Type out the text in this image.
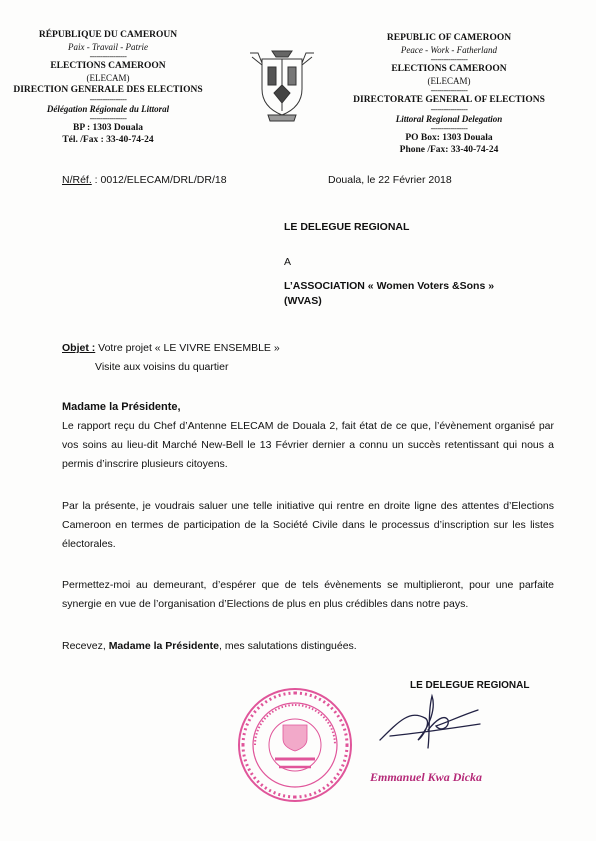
RÉPUBLIQUE DU CAMEROUN
Paix - Travail - Patrie
-----------------
ELECTIONS CAMEROON
(ELECAM)
DIRECTION GENERALE DES ELECTIONS
-----------------
Délégation Régionale du Littoral
-----------------
BP : 1303 Douala
Tél. /Fax : 33-40-74-24
REPUBLIC OF CAMEROON
Peace - Work - Fatherland
-----------------
ELECTIONS CAMEROON
(ELECAM)
-----------------
DIRECTORATE GENERAL OF ELECTIONS
-----------------
Littoral Regional Delegation
-----------------
PO Box: 1303 Douala
Phone /Fax: 33-40-74-24
N/Réf. : 0012/ELECAM/DRL/DR/18	Douala, le 22 Février 2018
LE DELEGUE REGIONAL
A
L’ASSOCIATION « Women Voters &Sons »
(WVAS)
Objet : Votre projet « LE VIVRE ENSEMBLE »
Visite aux voisins du quartier
Madame la Présidente,
Le rapport reçu du Chef d’Antenne ELECAM de Douala 2, fait état de ce que, l’évènement organisé par vos soins au lieu-dit Marché New-Bell le 13 Février dernier a connu un succès retentissant qui nous a permis d’inscrire plusieurs citoyens.
Par la présente, je voudrais saluer une telle initiative qui rentre en droite ligne des attentes d’Elections Cameroon en termes de participation de la Société Civile dans le processus d’inscription sur les listes électorales.
Permettez-moi au demeurant, d’espérer que de tels évènements se multiplieront, pour une parfaite synergie en vue de l’organisation d’Elections de plus en plus crédibles dans notre pays.
Recevez, Madame la Présidente, mes salutations distinguées.
LE DELEGUE REGIONAL
Emmanuel Kwa Dicka
